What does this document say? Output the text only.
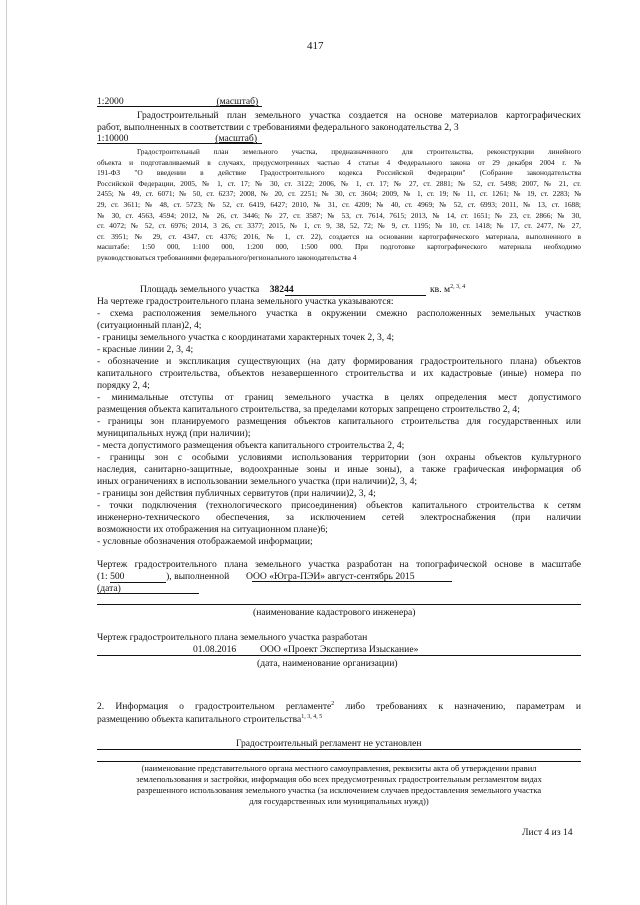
417
1:2000	(масштаб)
Градостроительный план земельного участка создается на основе материалов картографических
работ, выполненных в соответствии с требованиями федерального законодательства 2, 3
1:10000	(масштаб)
Градостроительный план земельного участка, предназначенного для строительства, реконструкции линейного
объекта и подготавливаемый в случаях, предусмотренных частью 4 статьи 4 Федерального закона от 29 декабря 2004 г. №
191-ФЗ "О введении в действие Градостроительного кодекса Российской Федерации" (Собрание законодательства
Российской Федерации, 2005, № 1, ст. 17; № 30, ст. 3122; 2006, № 1, ст. 17; № 27, ст. 2881; № 52, ст. 5498; 2007, № 21, ст.
2455; № 49, ст. 6071; № 50, ст. 6237; 2008, № 20, ст. 2251; № 30, ст. 3604; 2009, № 1, ст. 19; № 11, ст. 1261; № 19, ст. 2283; №
29, ст. 3611; № 48, ст. 5723; № 52, ст. 6419, 6427; 2010, № 31, ст. 4209; № 40, ст. 4969; № 52, ст. 6993; 2011, № 13, ст. 1688;
№ 30, ст. 4563, 4594; 2012, № 26, ст. 3446; № 27, ст. 3587; № 53, ст. 7614, 7615; 2013, № 14, ст. 1651; № 23, ст. 2866; № 30,
ст. 4072; № 52, ст. 6976; 2014, 3 26, ст. 3377; 2015, № 1, ст. 9, 38, 52, 72; № 9, ст. 1195; № 10, ст. 1418; № 17, ст. 2477, № 27,
ст. 3951; № 29, ст. 4347, ст. 4376; 2016, № 1, ст. 22), создается на основании картографического материала, выполненного в
масштабе: 1:50 000, 1:100 000, 1:200 000, 1:500 000. При подготовке картографического материала необходимо
руководствоваться требованиями федерального/регионального законодательства 4
Площадь земельного участка 38244	кв. $м^{2, 3, 4}$
На чертеже градостроительного плана земельного участка указываются:
- схема расположения земельного участка в окружении смежно расположенных земельных участков
(ситуационный план)2, 4;
- границы земельного участка с координатами характерных точек 2, 3, 4;
- красные линии 2, 3, 4;
- обозначение и экспликация существующих (на дату формирования градостроительного плана) объектов
капитального строительства, объектов незавершенного строительства и их кадастровые (иные) номера по
порядку 2, 4;
- минимальные отступы от границ земельного участка в целях определения мест допустимого
размещения объекта капитального строительства, за пределами которых запрещено строительство 2, 4;
- границы зон планируемого размещения объектов капитального строительства для государственных или
муниципальных нужд (при наличии);
- места допустимого размещения объекта капитального строительства 2, 4;
- границы зон с особыми условиями использования территории (зон охраны объектов культурного
наследия, санитарно-защитные, водоохранные зоны и иные зоны), а также графическая информация об
иных ограничениях в использовании земельного участка (при наличии)2, 3, 4;
- границы зон действия публичных сервитутов (при наличии)2, 3, 4;
- точки подключения (технологического присоединения) объектов капитального строительства к сетям
инженерно-технического обеспечения, за исключением сетей электроснабжения (при наличии
возможности их отображения на ситуационном плане)6;
- условные обозначения отображаемой информации;
Чертеж градостроительного плана земельного участка разработан на топографической основе в масштабе
(1: 500	), выполненной ООО «Югра-ПЭИ» август-сентябрь 2015
(дата)
(наименование кадастрового инженера)
Чертеж градостроительного плана земельного участка разработан
01.08.2016 ООО «Проект Экспертиза Изыскание»
(дата, наименование организации)
2. Информация о градостроительном регламенте$^2$ либо требованиях к назначению, параметрам и
размещению объекта капитального строительства$^{1, 3, 4, 5}$
Градостроительный регламент не установлен
(наименование представительного органа местного самоуправления, реквизиты акта об утверждении правил
землепользования и застройки, информация обо всех предусмотренных градостроительным регламентом видах
разрешенного использования земельного участка (за исключением случаев предоставления земельного участка
для государственных или муниципальных нужд))
Лист 4 из 14
